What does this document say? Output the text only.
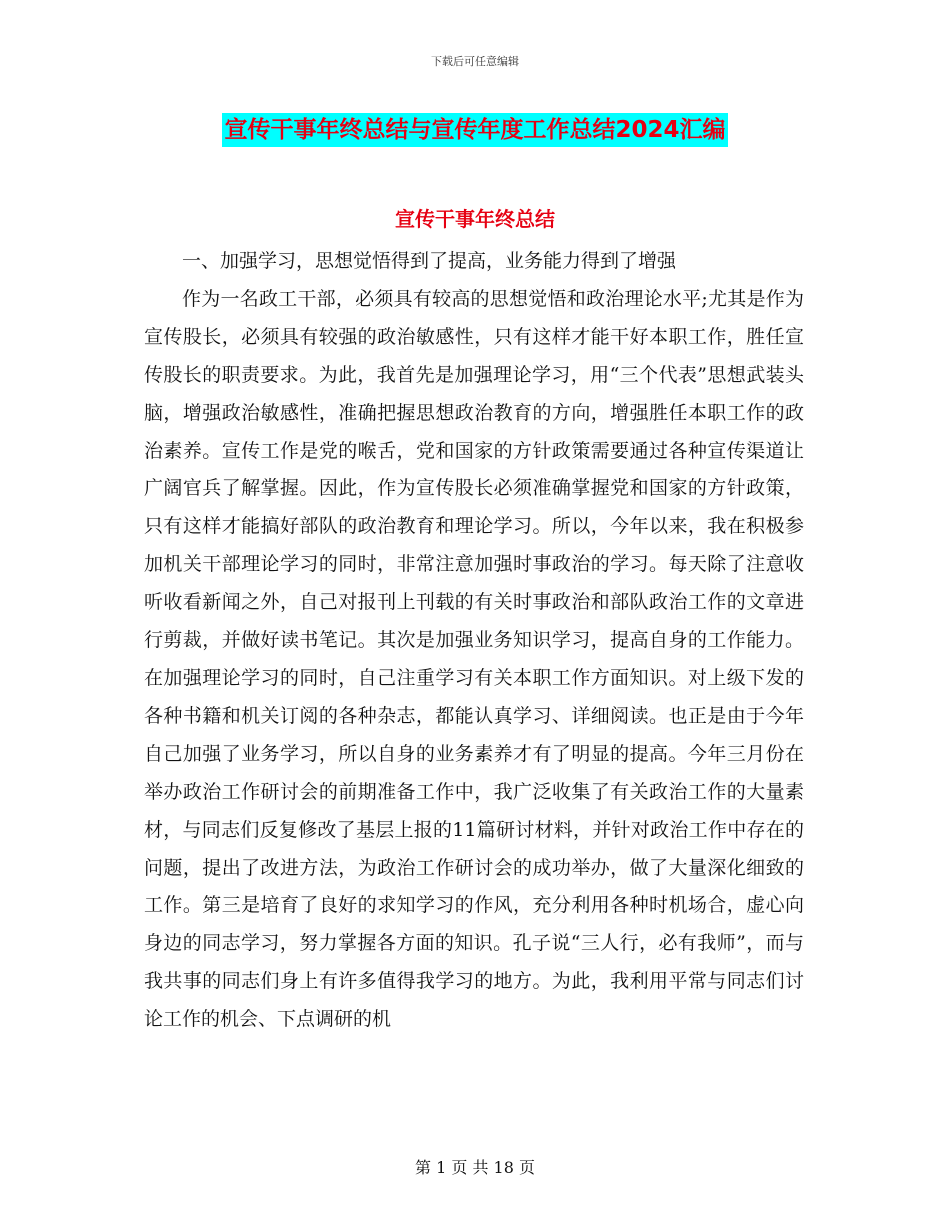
下载后可任意编辑
宣传干事年终总结与宣传年度工作总结2024汇编
宣传干事年终总结

一、加强学习，思想觉悟得到了提高，业务能力得到了增强

作为一名政工干部，必须具有较高的思想觉悟和政治理论水平;尤其是作为宣传股长，必须具有较强的政治敏感性，只有这样才能干好本职工作，胜任宣传股长的职责要求。为此，我首先是加强理论学习，用“三个代表”思想武装头脑，增强政治敏感性，准确把握思想政治教育的方向，增强胜任本职工作的政治素养。宣传工作是党的喉舌，党和国家的方针政策需要通过各种宣传渠道让广阔官兵了解掌握。因此，作为宣传股长必须准确掌握党和国家的方针政策，只有这样才能搞好部队的政治教育和理论学习。所以，今年以来，我在积极参加机关干部理论学习的同时，非常注意加强时事政治的学习。每天除了注意收听收看新闻之外，自己对报刊上刊载的有关时事政治和部队政治工作的文章进行剪裁，并做好读书笔记。其次是加强业务知识学习，提高自身的工作能力。在加强理论学习的同时，自己注重学习有关本职工作方面知识。对上级下发的各种书籍和机关订阅的各种杂志，都能认真学习、详细阅读。也正是由于今年自己加强了业务学习，所以自身的业务素养才有了明显的提高。今年三月份在举办政治工作研讨会的前期准备工作中，我广泛收集了有关政治工作的大量素材，与同志们反复修改了基层上报的11篇研讨材料，并针对政治工作中存在的问题，提出了改进方法，为政治工作研讨会的成功举办，做了大量深化细致的工作。第三是培育了良好的求知学习的作风，充分利用各种时机场合，虚心向身边的同志学习，努力掌握各方面的知识。孔子说“三人行，必有我师”，而与我共事的同志们身上有许多值得我学习的地方。为此，我利用平常与同志们讨论工作的机会、下点调研的机

第 1 页 共 18 页
